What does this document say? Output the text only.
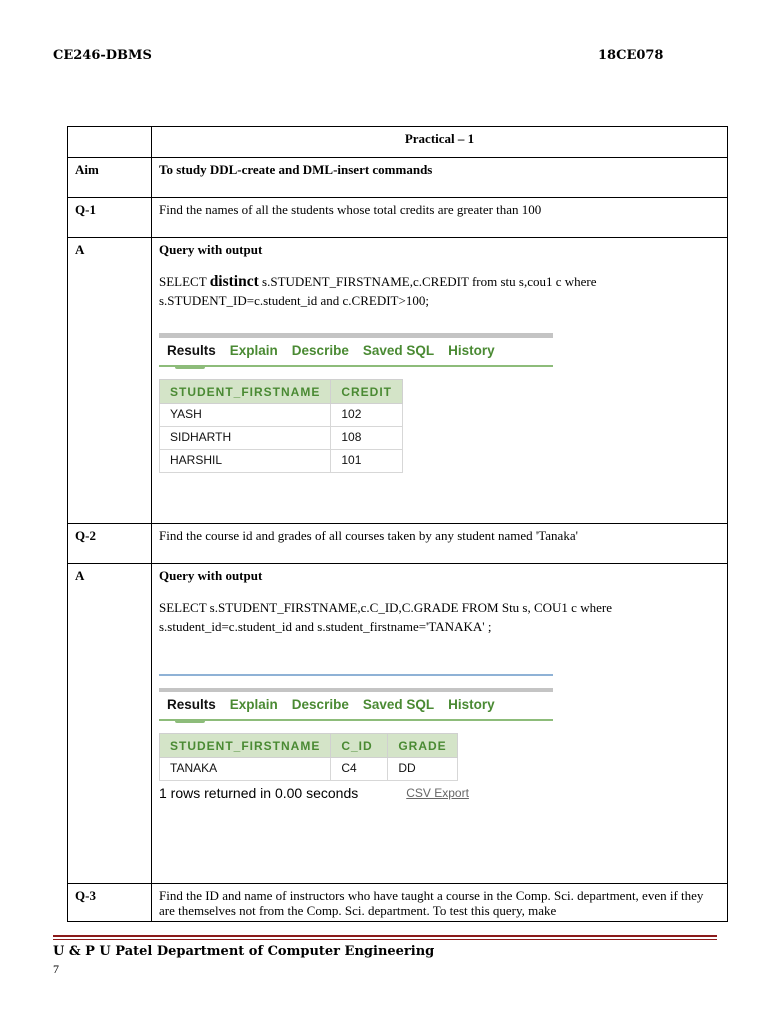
CE246-DBMS	18CE078
	Practical – 1
Aim	To study DDL-create and DML-insert commands
Q-1	Find the names of all the students whose total credits are greater than 100
A	Query with output
SELECT distinct s.STUDENT_FIRSTNAME,c.CREDIT from stu s,cou1 c where s.STUDENT_ID=c.student_id and c.CREDIT>100;
Results Explain Describe Saved SQL History
STUDENT_FIRSTNAME	CREDIT
YASH	102
SIDHARTH	108
HARSHIL	101

Q-2	Find the course id and grades of all courses taken by any student named 'Tanaka'
A	Query with output
SELECT s.STUDENT_FIRSTNAME,c.C_ID,C.GRADE FROM Stu s, COU1 c where s.student_id=c.student_id and s.student_firstname='TANAKA' ;
Results Explain Describe Saved SQL History
STUDENT_FIRSTNAME	C_ID	GRADE
TANAKA	C4	DD
1 rows returned in 0.00 seconds	CSV Export

Q-3	Find the ID and name of instructors who have taught a course in the Comp. Sci. department, even if they are themselves not from the Comp. Sci. department. To test this query, make
U & P U Patel Department of Computer Engineering
7
